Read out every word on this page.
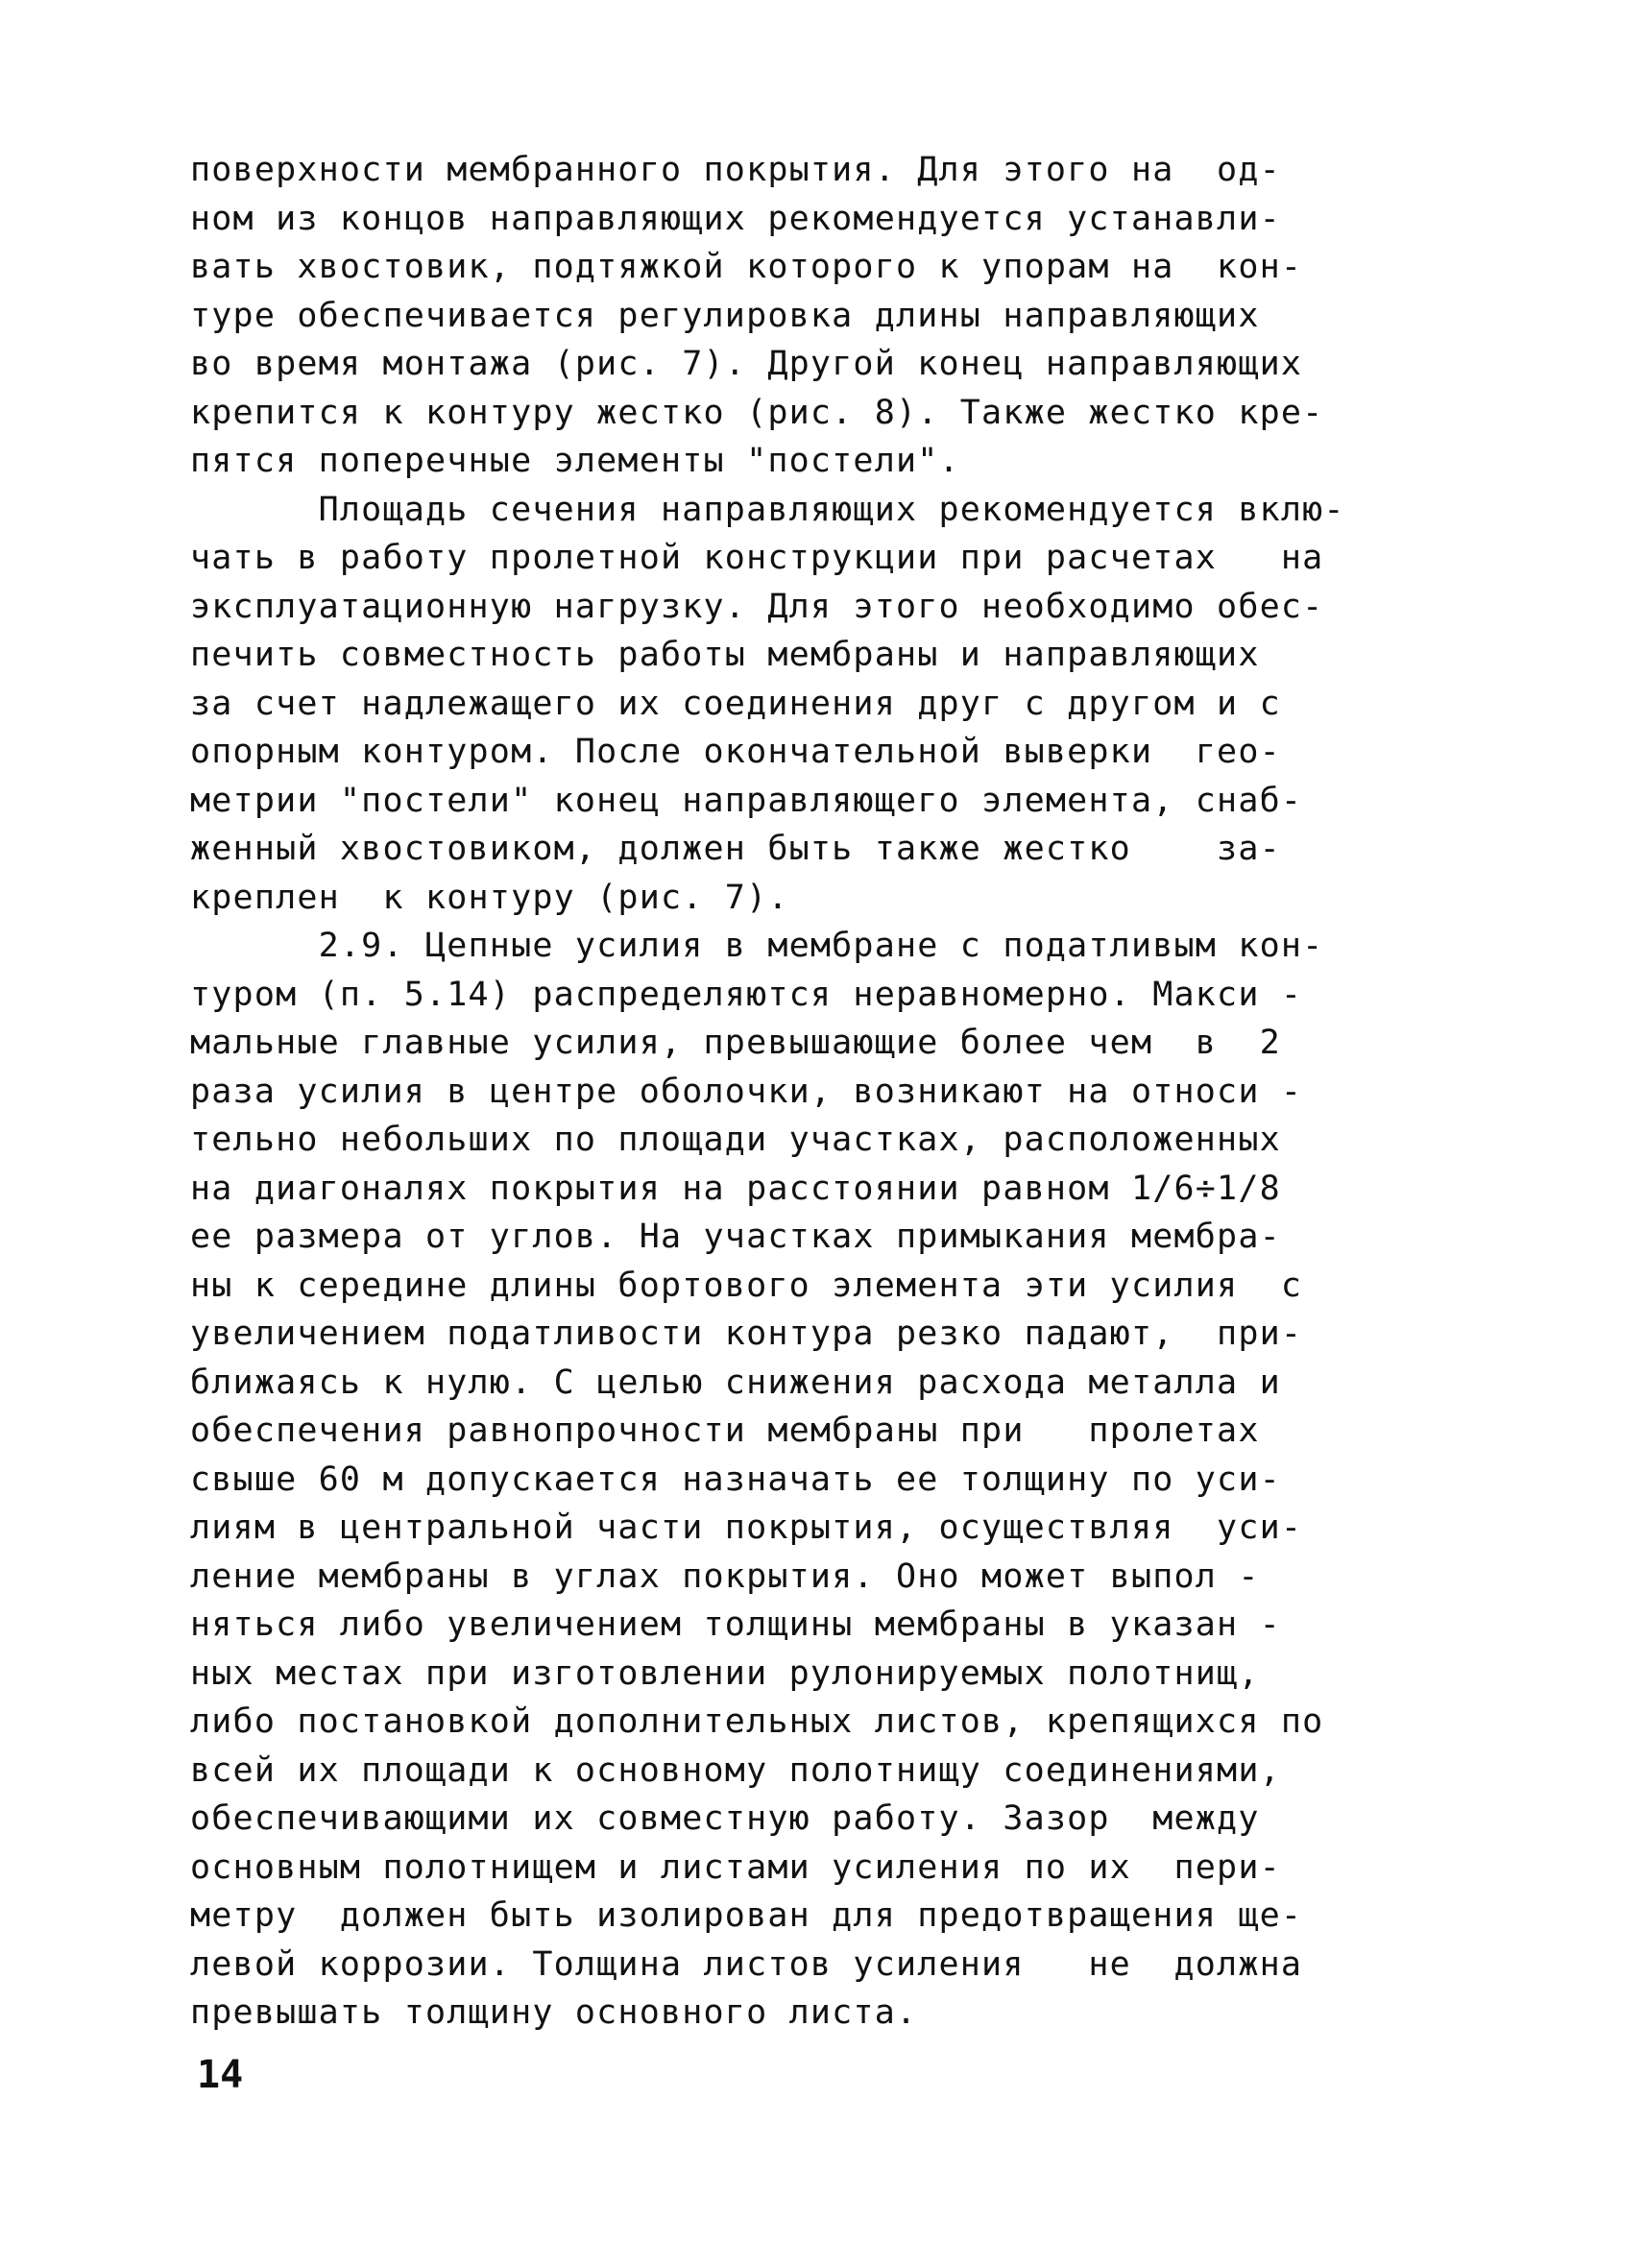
поверхности мембранного покрытия. Для этого на  од-
ном из концов направляющих рекомендуется устанавли-
вать хвостовик, подтяжкой которого к упорам на  кон-
туре обеспечивается регулировка длины направляющих
во время монтажа (рис. 7). Другой конец направляющих
крепится к контуру жестко (рис. 8). Также жестко кре-
пятся поперечные элементы "постели".
Площадь сечения направляющих рекомендуется вклю-
чать в работу пролетной конструкции при расчетах   на
эксплуатационную нагрузку. Для этого необходимо обес-
печить совместность работы мембраны и направляющих
за счет надлежащего их соединения друг с другом и с
опорным контуром. После окончательной выверки  гео-
метрии "постели" конец направляющего элемента, снаб-
женный хвостовиком, должен быть также жестко    за-
креплен  к контуру (рис. 7).
2.9. Цепные усилия в мембране с податливым кон-
туром (п. 5.14) распределяются неравномерно. Макси -
мальные главные усилия, превышающие более чем  в  2
раза усилия в центре оболочки, возникают на относи -
тельно небольших по площади участках, расположенных
на диагоналях покрытия на расстоянии равном 1/6÷1/8
ее размера от углов. На участках примыкания мембра-
ны к середине длины бортового элемента эти усилия  с
увеличением податливости контура резко падают,  при-
ближаясь к нулю. С целью снижения расхода металла и
обеспечения равнопрочности мембраны при   пролетах
свыше 60 м допускается назначать ее толщину по уси-
лиям в центральной части покрытия, осуществляя  уси-
ление мембраны в углах покрытия. Оно может выпол -
няться либо увеличением толщины мембраны в указан -
ных местах при изготовлении рулонируемых полотнищ,
либо постановкой дополнительных листов, крепящихся по
всей их площади к основному полотнищу соединениями,
обеспечивающими их совместную работу. Зазор  между
основным полотнищем и листами усиления по их  пери-
метру  должен быть изолирован для предотвращения ще-
левой коррозии. Толщина листов усиления   не  должна
превышать толщину основного листа.
14
